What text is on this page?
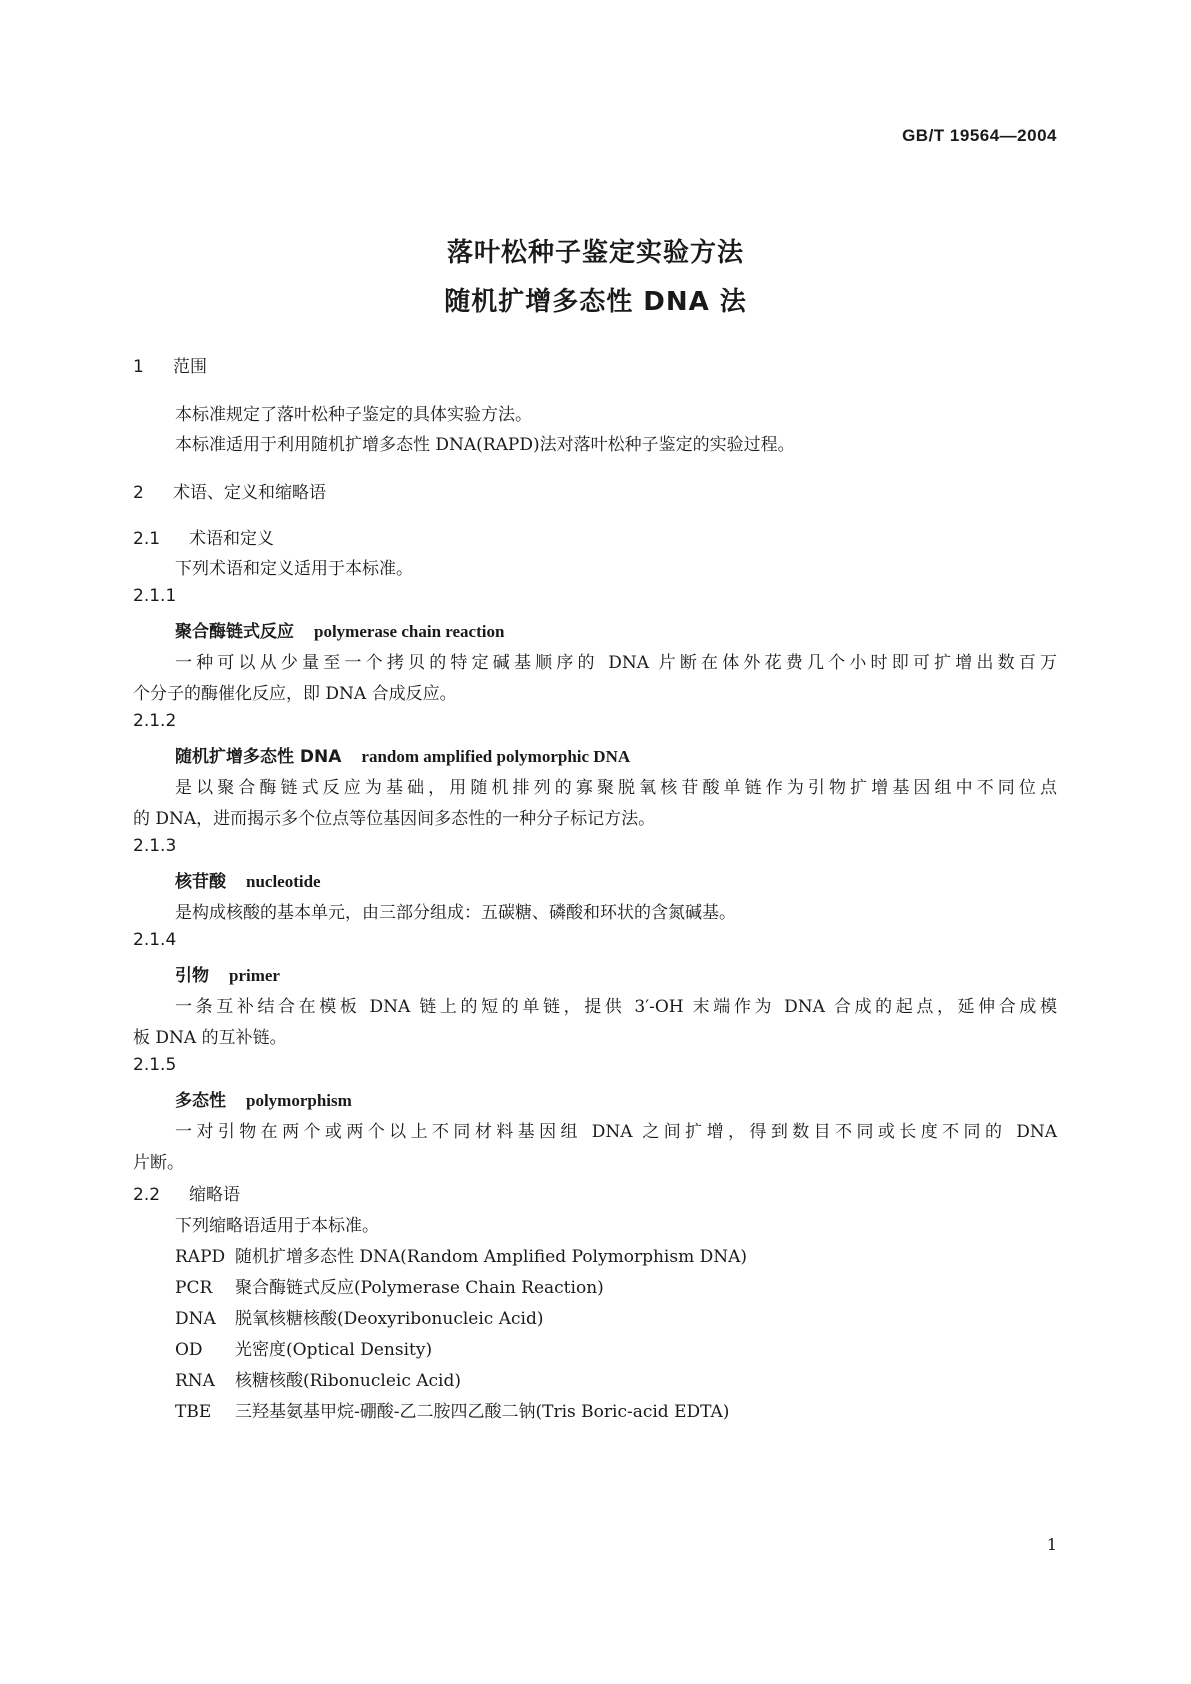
GB/T 19564—2004
落叶松种子鉴定实验方法
随机扩增多态性 DNA 法
1 范围
本标准规定了落叶松种子鉴定的具体实验方法。
本标准适用于利用随机扩增多态性 DNA(RAPD)法对落叶松种子鉴定的实验过程。
2 术语、定义和缩略语
2.1 术语和定义
下列术语和定义适用于本标准。
2.1.1
聚合酶链式反应 polymerase chain reaction
一种可以从少量至一个拷贝的特定碱基顺序的 DNA 片断在体外花费几个小时即可扩增出数百万
个分子的酶催化反应，即 DNA 合成反应。
2.1.2
随机扩增多态性 DNA random amplified polymorphic DNA
是以聚合酶链式反应为基础，用随机排列的寡聚脱氧核苷酸单链作为引物扩增基因组中不同位点
的 DNA，进而揭示多个位点等位基因间多态性的一种分子标记方法。
2.1.3
核苷酸 nucleotide
是构成核酸的基本单元，由三部分组成：五碳糖、磷酸和环状的含氮碱基。
2.1.4
引物 primer
一条互补结合在模板 DNA 链上的短的单链，提供 3′-OH 末端作为 DNA 合成的起点，延伸合成模
板 DNA 的互补链。
2.1.5
多态性 polymorphism
一对引物在两个或两个以上不同材料基因组 DNA 之间扩增，得到数目不同或长度不同的 DNA
片断。
2.2 缩略语
下列缩略语适用于本标准。
RAPD 随机扩增多态性 DNA(Random Amplified Polymorphism DNA)
PCR 聚合酶链式反应(Polymerase Chain Reaction)
DNA 脱氧核糖核酸(Deoxyribonucleic Acid)
OD 光密度(Optical Density)
RNA 核糖核酸(Ribonucleic Acid)
TBE 三羟基氨基甲烷-硼酸-乙二胺四乙酸二钠(Tris Boric-acid EDTA)
1
